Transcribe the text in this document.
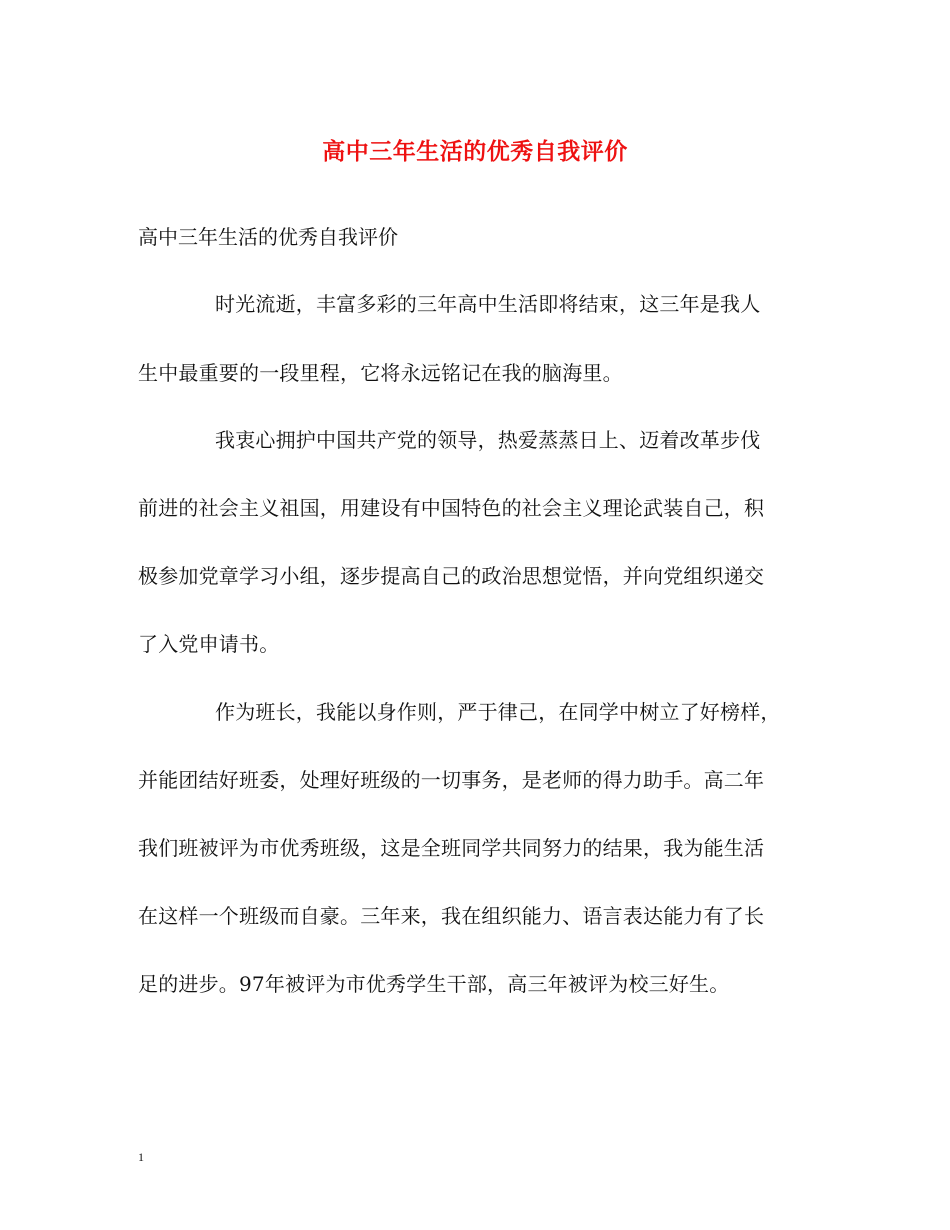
高中三年生活的优秀自我评价
高中三年生活的优秀自我评价
时光流逝，丰富多彩的三年高中生活即将结束，这三年是我人
生中最重要的一段里程，它将永远铭记在我的脑海里。
我衷心拥护中国共产党的领导，热爱蒸蒸日上、迈着改革步伐
前进的社会主义祖国，用建设有中国特色的社会主义理论武装自己，积
极参加党章学习小组，逐步提高自己的政治思想觉悟，并向党组织递交
了入党申请书。
作为班长，我能以身作则，严于律己，在同学中树立了好榜样，
并能团结好班委，处理好班级的一切事务，是老师的得力助手。高二年
我们班被评为市优秀班级，这是全班同学共同努力的结果，我为能生活
在这样一个班级而自豪。三年来，我在组织能力、语言表达能力有了长
足的进步。97年被评为市优秀学生干部，高三年被评为校三好生。
1
